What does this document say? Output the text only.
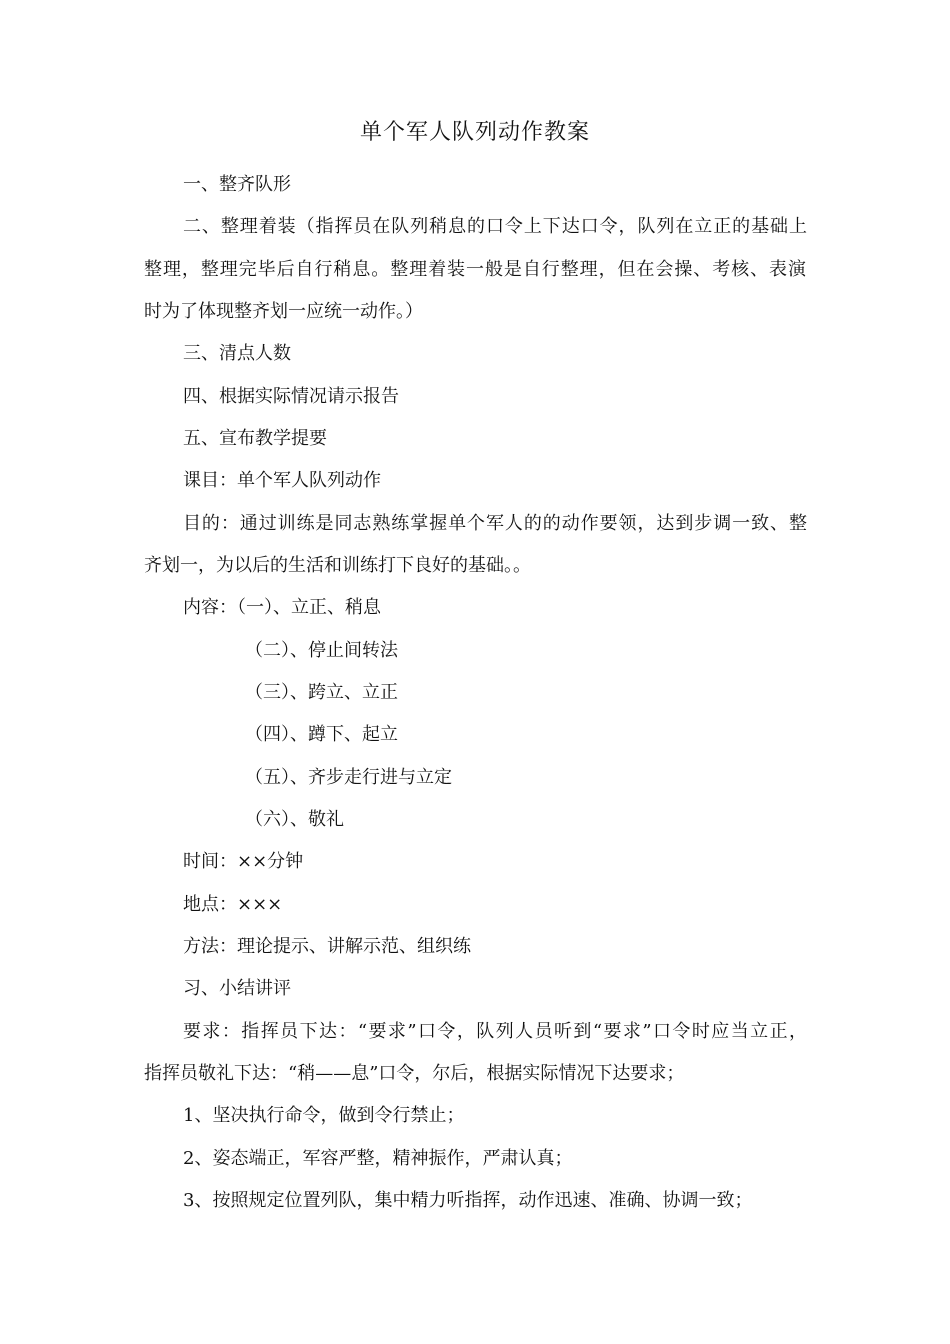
单个军人队列动作教案
一、整齐队形
二、整理着装（指挥员在队列稍息的口令上下达口令，队列在立正的基础上
整理，整理完毕后自行稍息。整理着装一般是自行整理，但在会操、考核、表演
时为了体现整齐划一应统一动作。）
三、清点人数
四、根据实际情况请示报告
五、宣布教学提要
课目：单个军人队列动作
目的：通过训练是同志熟练掌握单个军人的的动作要领，达到步调一致、整
齐划一，为以后的生活和训练打下良好的基础。。
内容：（一）、立正、稍息
（二）、停止间转法
（三）、跨立、立正
（四）、蹲下、起立
（五）、齐步走行进与立定
（六）、敬礼
时间：××分钟
地点：×××
方法：理论提示、讲解示范、组织练
习、小结讲评
要求：指挥员下达：“要求”口令，队列人员听到“要求”口令时应当立正，
指挥员敬礼下达：“稍——息”口令，尔后，根据实际情况下达要求；
1、坚决执行命令，做到令行禁止；
2、姿态端正，军容严整，精神振作，严肃认真；
3、按照规定位置列队，集中精力听指挥，动作迅速、准确、协调一致；
